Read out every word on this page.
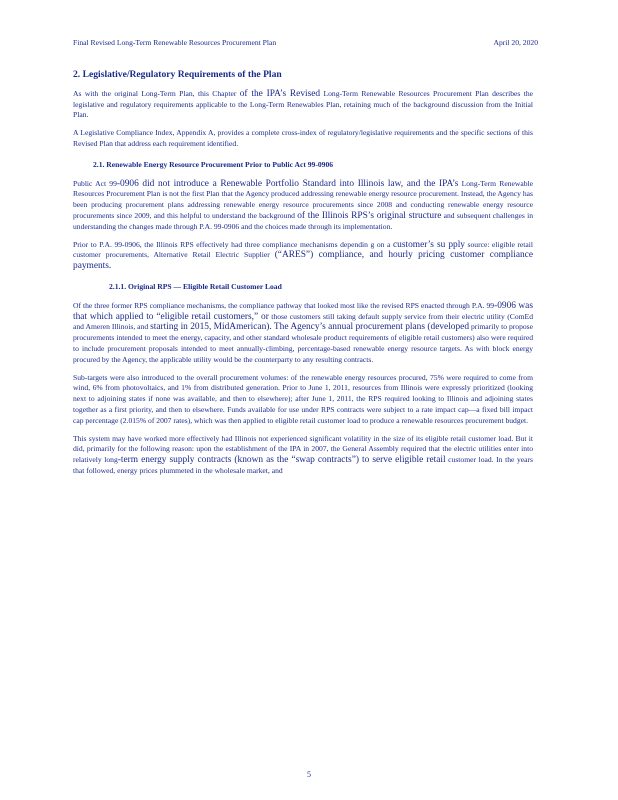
Final Revised Long-Term Renewable Resources Procurement Plan	April 20, 2020
2. Legislative/Regulatory Requirements of the Plan

As with the original Long-Term Plan, this Chapter of the IPA’s Revised Long-Term Renewable Resources Procurement Plan describes the legislative and regulatory requirements applicable to the Long-Term Renewables Plan, retaining much of the background discussion from the Initial Plan.

A Legislative Compliance Index, Appendix A, provides a complete cross-index of regulatory/legislative requirements and the specific sections of this Revised Plan that address each requirement identified.

2.1. Renewable Energy Resource Procurement Prior to Public Act 99-0906

Public Act 99-0906 did not introduce a Renewable Portfolio Standard into Illinois law, and the IPA’s Long-Term Renewable Resources Procurement Plan is not the first Plan that the Agency produced addressing renewable energy resource procurement. Instead, the Agency has been producing procurement plans addressing renewable energy resource procurements since 2008 and conducting renewable energy resource procurements since 2009, and this helpful to understand the background of the Illinois RPS’s original structure and subsequent challenges in understanding the changes made through P.A. 99-0906 and the choices made through its implementation.

Prior to P.A. 99-0906, the Illinois RPS effectively had three compliance mechanisms dependin g on a customer’s su pply source: eligible retail customer procurements, Alternative Retail Electric Supplier (“ARES”) compliance, and hourly pricing customer compliance payments.

2.1.1. Original RPS — Eligible Retail Customer Load

Of the three former RPS compliance mechanisms, the compliance pathway that looked most like the revised RPS enacted through P.A. 99-0906 was that which applied to “eligible retail customers,” or those customers still taking default supply service from their electric utility (ComEd and Ameren Illinois, and starting in 2015, MidAmerican). The Agency’s annual procurement plans (developed primarily to propose procurements intended to meet the energy, capacity, and other standard wholesale product requirements of eligible retail customers) also were required to include procurement proposals intended to meet annually-climbing, percentage-based renewable energy resource targets. As with block energy procured by the Agency, the applicable utility would be the counterparty to any resulting contracts.

Sub-targets were also introduced to the overall procurement volumes: of the renewable energy resources procured, 75% were required to come from wind, 6% from photovoltaics, and 1% from distributed generation. Prior to June 1, 2011, resources from Illinois were expressly prioritized (looking next to adjoining states if none was available, and then to elsewhere); after June 1, 2011, the RPS required looking to Illinois and adjoining states together as a first priority, and then to elsewhere. Funds available for use under RPS contracts were subject to a rate impact cap—a fixed bill impact cap percentage (2.015% of 2007 rates), which was then applied to eligible retail customer load to produce a renewable resources procurement budget.

This system may have worked more effectively had Illinois not experienced significant volatility in the size of its eligible retail customer load. But it did, primarily for the following reason: upon the establishment of the IPA in 2007, the General Assembly required that the electric utilities enter into relatively long-term energy supply contracts (known as the “swap contracts”) to serve eligible retail customer load. In the years that followed, energy prices plummeted in the wholesale market, and

5
